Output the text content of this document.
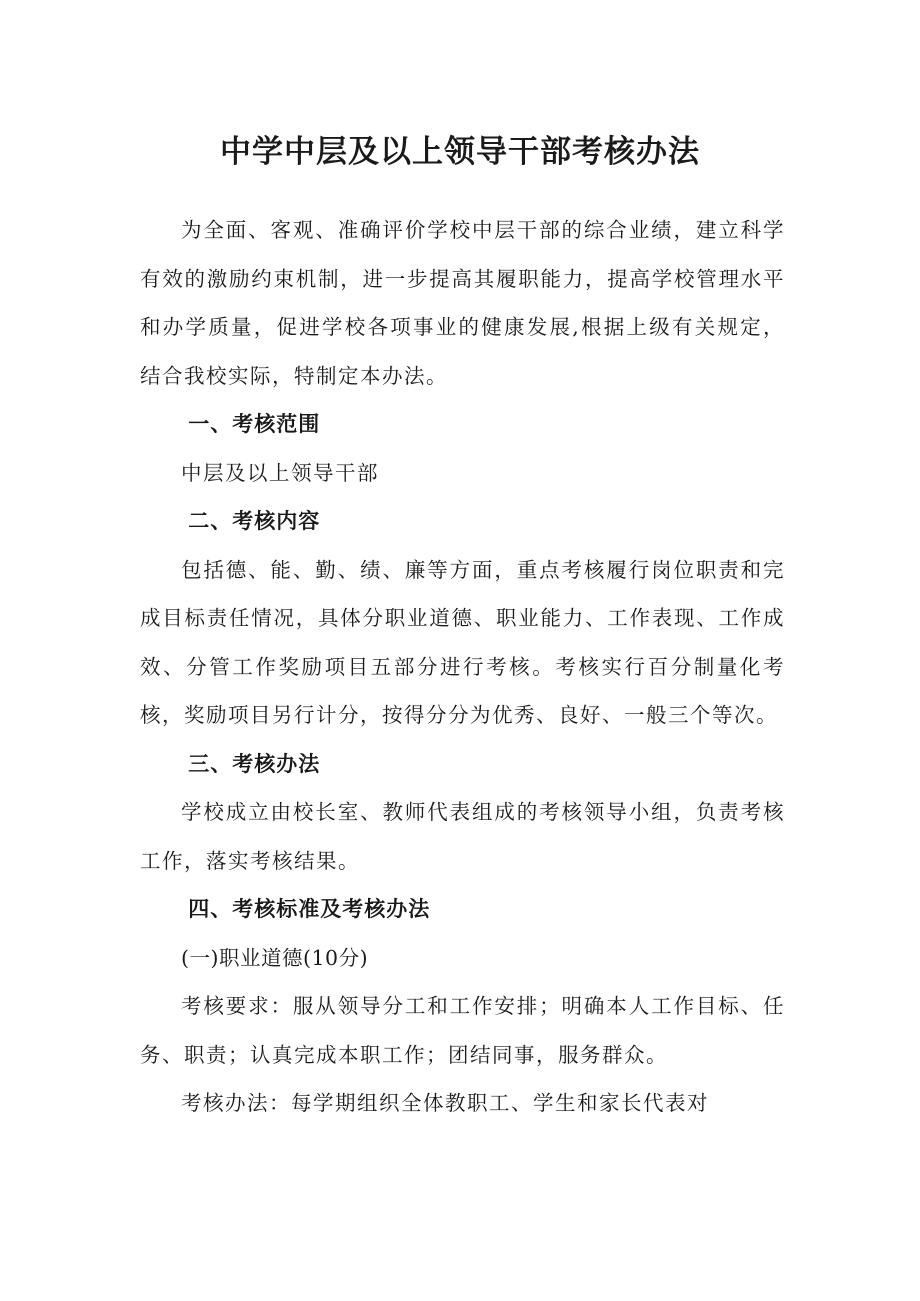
中学中层及以上领导干部考核办法

为全面、客观、准确评价学校中层干部的综合业绩，建立科学有效的激励约束机制，进一步提高其履职能力，提高学校管理水平和办学质量，促进学校各项事业的健康发展,根据上级有关规定，结合我校实际，特制定本办法。

一、考核范围

中层及以上领导干部

二、考核内容

包括德、能、勤、绩、廉等方面，重点考核履行岗位职责和完成目标责任情况，具体分职业道德、职业能力、工作表现、工作成效、分管工作奖励项目五部分进行考核。考核实行百分制量化考核，奖励项目另行计分，按得分分为优秀、良好、一般三个等次。

三、考核办法

学校成立由校长室、教师代表组成的考核领导小组，负责考核工作，落实考核结果。

四、考核标准及考核办法

(一)职业道德(10分)

考核要求：服从领导分工和工作安排；明确本人工作目标、任务、职责；认真完成本职工作；团结同事，服务群众。

考核办法：每学期组织全体教职工、学生和家长代表对
